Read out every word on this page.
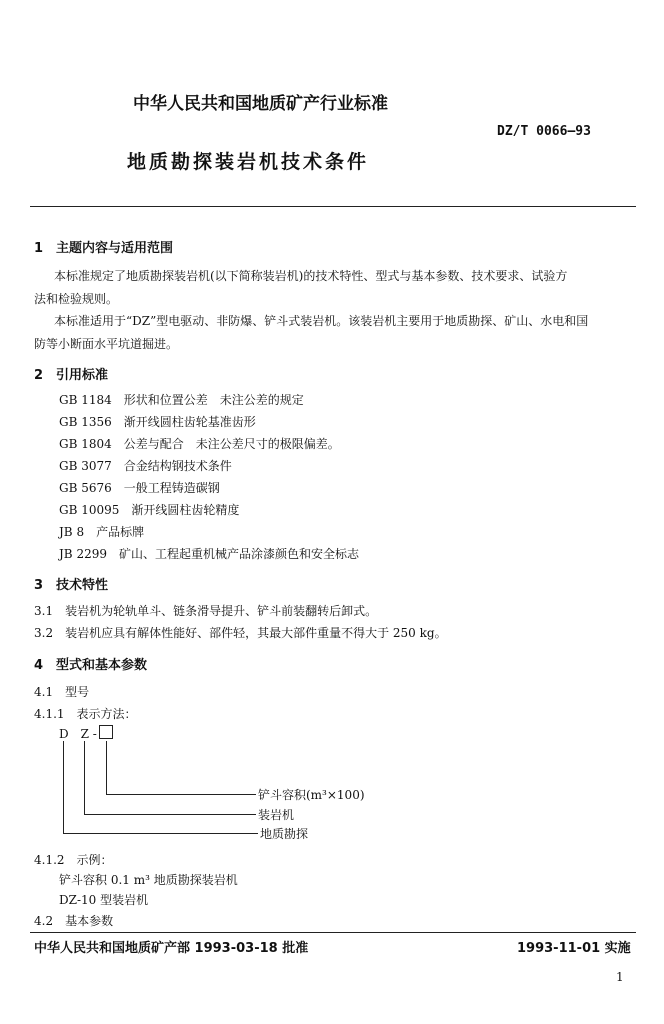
中华人民共和国地质矿产行业标准
DZ/T 0066—93
地质勘探装岩机技术条件
1　主题内容与适用范围
本标准规定了地质勘探装岩机(以下简称装岩机)的技术特性、型式与基本参数、技术要求、试验方
法和检验规则。
本标准适用于“DZ”型电驱动、非防爆、铲斗式装岩机。该装岩机主要用于地质勘探、矿山、水电和国
防等小断面水平坑道掘进。
2　引用标准
GB 1184　形状和位置公差　未注公差的规定
GB 1356　渐开线圆柱齿轮基准齿形
GB 1804　公差与配合　未注公差尺寸的极限偏差。
GB 3077　合金结构钢技术条件
GB 5676　一般工程铸造碳钢
GB 10095　渐开线圆柱齿轮精度
JB 8　产品标牌
JB 2299　矿山、工程起重机械产品涂漆颜色和安全标志
3　技术特性
3.1　装岩机为轮轨单斗、链条滑导提升、铲斗前装翻转后卸式。
3.2　装岩机应具有解体性能好、部件轻，其最大部件重量不得大于 250 kg。
4　型式和基本参数
4.1　型号
4.1.1　表示方法：
D　Z -
铲斗容积(m³×100)
装岩机
地质勘探
4.1.2　示例：
铲斗容积 0.1 m³ 地质勘探装岩机
DZ-10 型装岩机
4.2　基本参数
中华人民共和国地质矿产部 1993-03-18 批准	1993-11-01 实施
1
